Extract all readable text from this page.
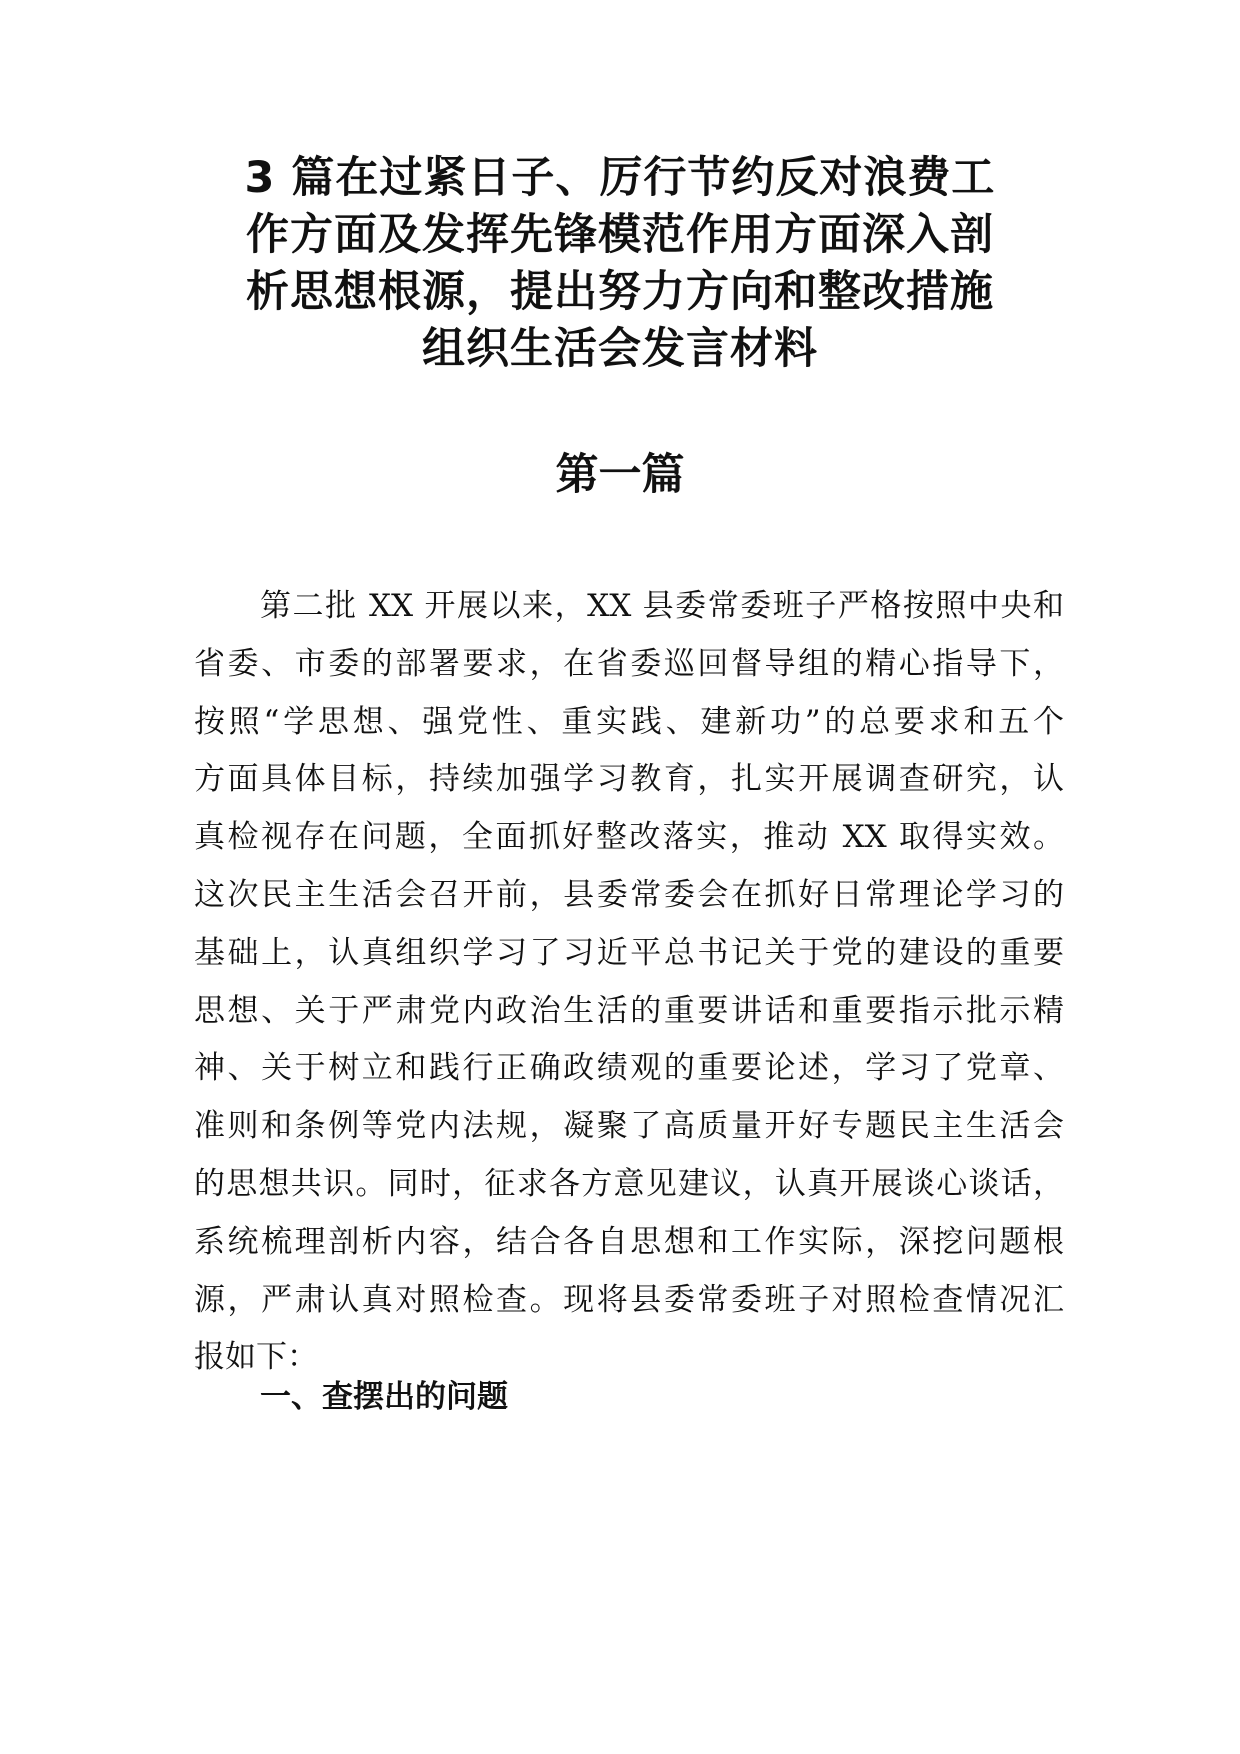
3 篇在过紧日子、厉行节约反对浪费工
作方面及发挥先锋模范作用方面深入剖
析思想根源，提出努力方向和整改措施
组织生活会发言材料
第一篇
第二批 XX 开展以来，XX 县委常委班子严格按照中央和
省委、市委的部署要求，在省委巡回督导组的精心指导下，
按照“学思想、强党性、重实践、建新功”的总要求和五个
方面具体目标，持续加强学习教育，扎实开展调查研究，认
真检视存在问题，全面抓好整改落实，推动 XX 取得实效。
这次民主生活会召开前，县委常委会在抓好日常理论学习的
基础上，认真组织学习了习近平总书记关于党的建设的重要
思想、关于严肃党内政治生活的重要讲话和重要指示批示精
神、关于树立和践行正确政绩观的重要论述，学习了党章、
准则和条例等党内法规，凝聚了高质量开好专题民主生活会
的思想共识。同时，征求各方意见建议，认真开展谈心谈话，
系统梳理剖析内容，结合各自思想和工作实际，深挖问题根
源，严肃认真对照检查。现将县委常委班子对照检查情况汇
报如下：
一、查摆出的问题
